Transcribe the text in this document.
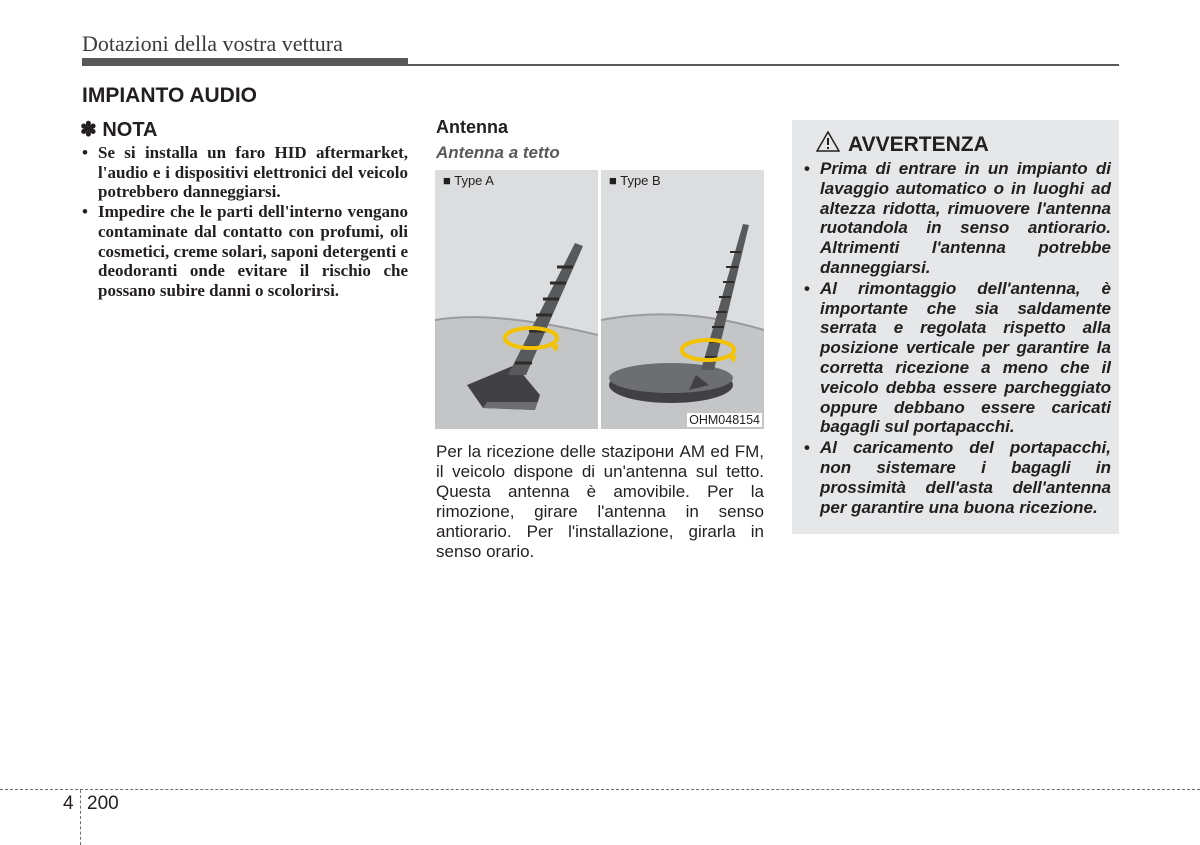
Dotazioni della vostra vettura
IMPIANTO AUDIO
✽ NOTA
• Se si installa un faro HID aftermarket, l'audio e i dispositivi elettronici del veicolo potrebbero danneggiarsi.
• Impedire che le parti dell'interno vengano contaminate dal contatto con profumi, oli cosmetici, creme solari, saponi detergenti e deodoranti onde evitare il rischio che possano subire danni o scolorirsi.
Antenna
Antenna a tetto
■ Type A	■ Type B
OHM048154

Per la ricezione delle stazipони AM ed FM, il veicolo dispone di un'antenna sul tetto. Questa antenna è amovibile. Per la rimozione, girare l'antenna in senso antiorario. Per l'installazione, girarla in senso orario.

AVVERTENZA
• Prima di entrare in un impianto di lavaggio automatico o in luoghi ad altezza ridotta, rimuovere l'antenna ruotandola in senso antiorario. Altrimenti l'antenna potrebbe danneggiarsi.
• Al rimontaggio dell'antenna, è importante che sia saldamente serrata e regolata rispetto alla posizione verticale per garantire la corretta ricezione a meno che il veicolo debba essere parcheggiato oppure debbano essere caricati bagagli sul portapacchi.
• Al caricamento del portapacchi, non sistemare i bagagli in prossimità dell'asta dell'antenna per garantire una buona ricezione.
4 200
